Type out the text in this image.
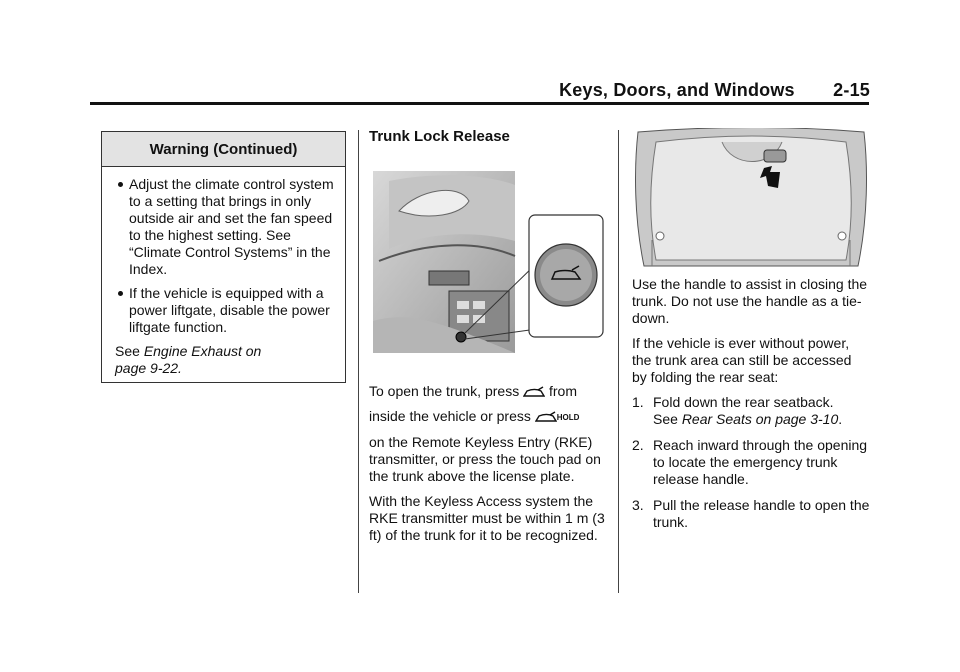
Keys, Doors, and Windows 2-15
Warning (Continued)
Adjust the climate control system to a setting that brings in only outside air and set the fan speed to the highest setting. See “Climate Control Systems” in the Index.
If the vehicle is equipped with a power liftgate, disable the power liftgate function.
See Engine Exhaust on
page 9-22.
Trunk Lock Release

To open the trunk, press from
inside the vehicle or press	HOLD
on the Remote Keyless Entry (RKE) transmitter, or press the touch pad on the trunk above the license plate.

With the Keyless Access system the RKE transmitter must be within 1 m (3 ft) of the trunk for it to be recognized.

Use the handle to assist in closing the trunk. Do not use the handle as a tie-down.

If the vehicle is ever without power, the trunk area can still be accessed by folding the rear seat:

1. Fold down the rear seatback.
See Rear Seats on page 3-10.
2. Reach inward through the opening to locate the emergency trunk release handle.
3. Pull the release handle to open the trunk.
